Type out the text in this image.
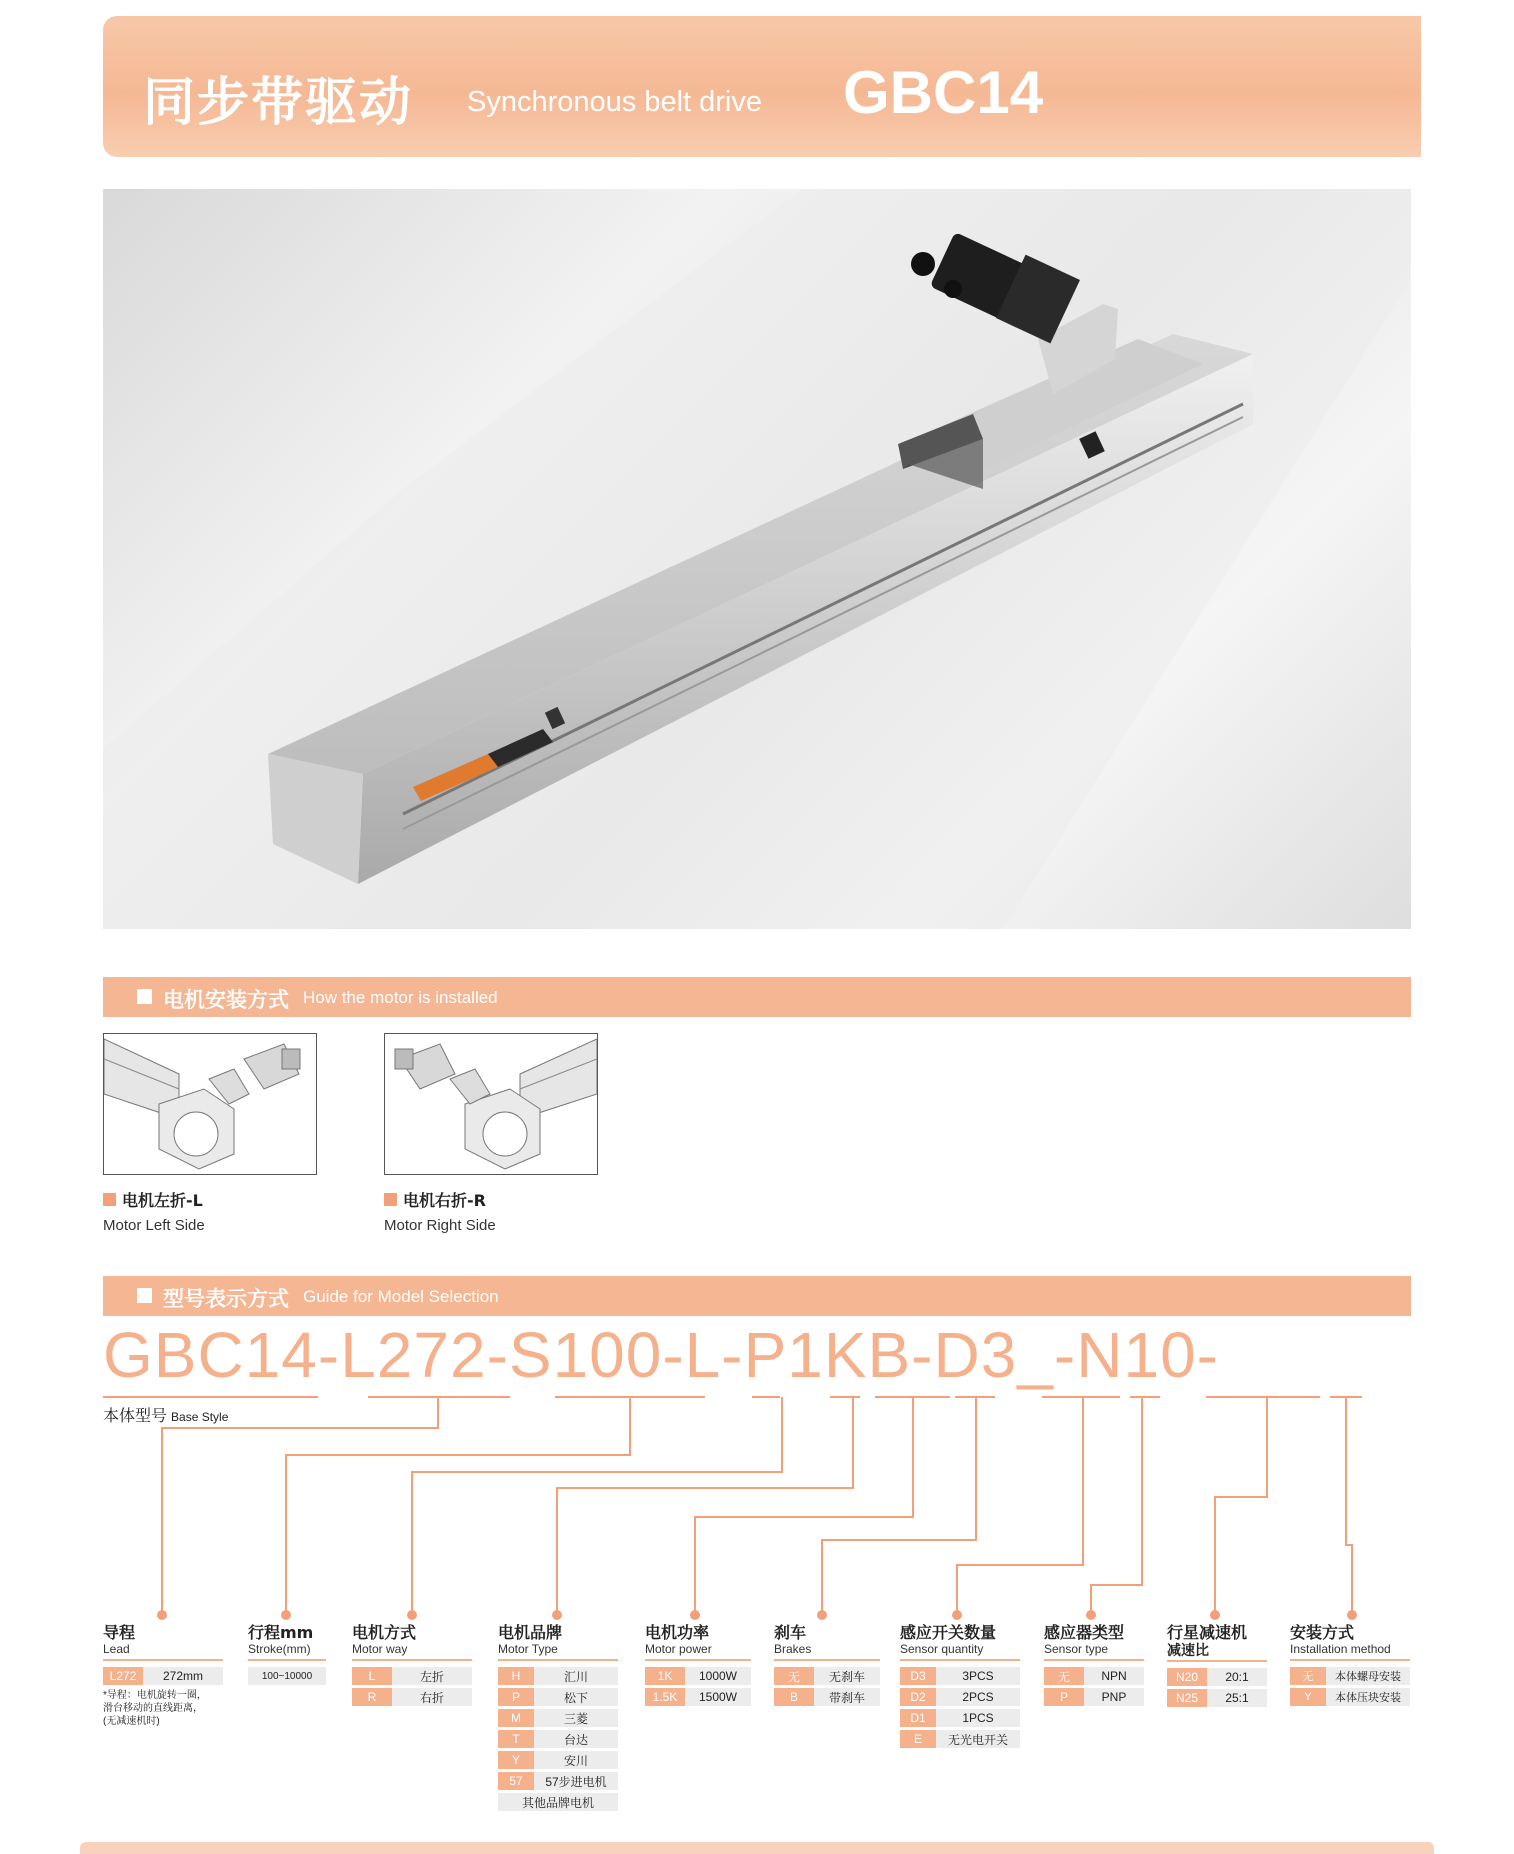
同步带驱动 Synchronous belt drive GBC14
电机安装方式 How the motor is installed
电机左折-L
Motor Left Side
电机右折-R
Motor Right Side
型号表示方式 Guide for Model Selection
GBC14-L272-S100-L-P1KB-D3_-N10-
本体型号 Base Style
导程
Lead
L272	272mm
*导程：电机旋转一圈，
滑台移动的直线距离，
(无减速机时)
行程mm
Stroke(mm)
100~10000
电机方式
Motor way
L	左折
R	右折
电机品牌
Motor Type
H	汇川
P	松下
M	三菱
T	台达
Y	安川
57	57步进电机
其他品牌电机	
电机功率
Motor power
1K	1000W
1.5K	1500W
刹车
Brakes
无	无刹车
B	带刹车
感应开关数量
Sensor quantity
D3	3PCS
D2	2PCS
D1	1PCS
E	无光电开关
感应器类型
Sensor type
无	NPN
P	PNP
行星减速机
减速比
N20	20:1
N25	25:1
安装方式
Installation method
无	本体螺母安装
Y	本体压块安装
